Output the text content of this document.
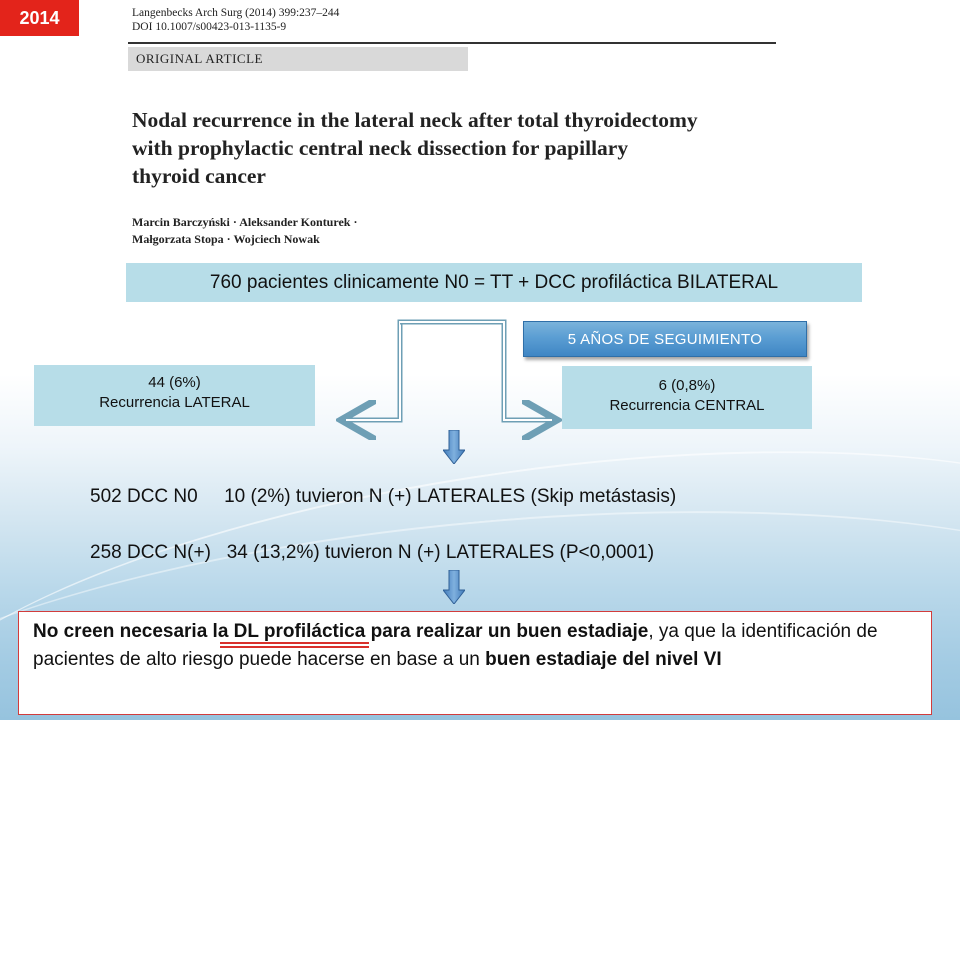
2014	Langenbecks Arch Surg (2014) 399:237–244
DOI 10.1007/s00423-013-1135-9
ORIGINAL ARTICLE
Nodal recurrence in the lateral neck after total thyroidectomy
with prophylactic central neck dissection for papillary
thyroid cancer
Marcin Barczyński · Aleksander Konturek ·
Małgorzata Stopa · Wojciech Nowak
760 pacientes clinicamente N0 = TT + DCC profiláctica BILATERAL
5 AÑOS DE SEGUIMIENTO
44 (6%)
Recurrencia LATERAL
6 (0,8%)
Recurrencia CENTRAL
502 DCC N0     10 (2%) tuvieron N (+) LATERALES (Skip metástasis)
258 DCC N(+)   34 (13,2%) tuvieron N (+) LATERALES (P<0,0001)
No creen necesaria la DL profiláctica
para realizar un buen estadiaje, ya que la identificación de pacientes de alto riesgo puede hacerse en base a un buen estadiaje del nivel VI
